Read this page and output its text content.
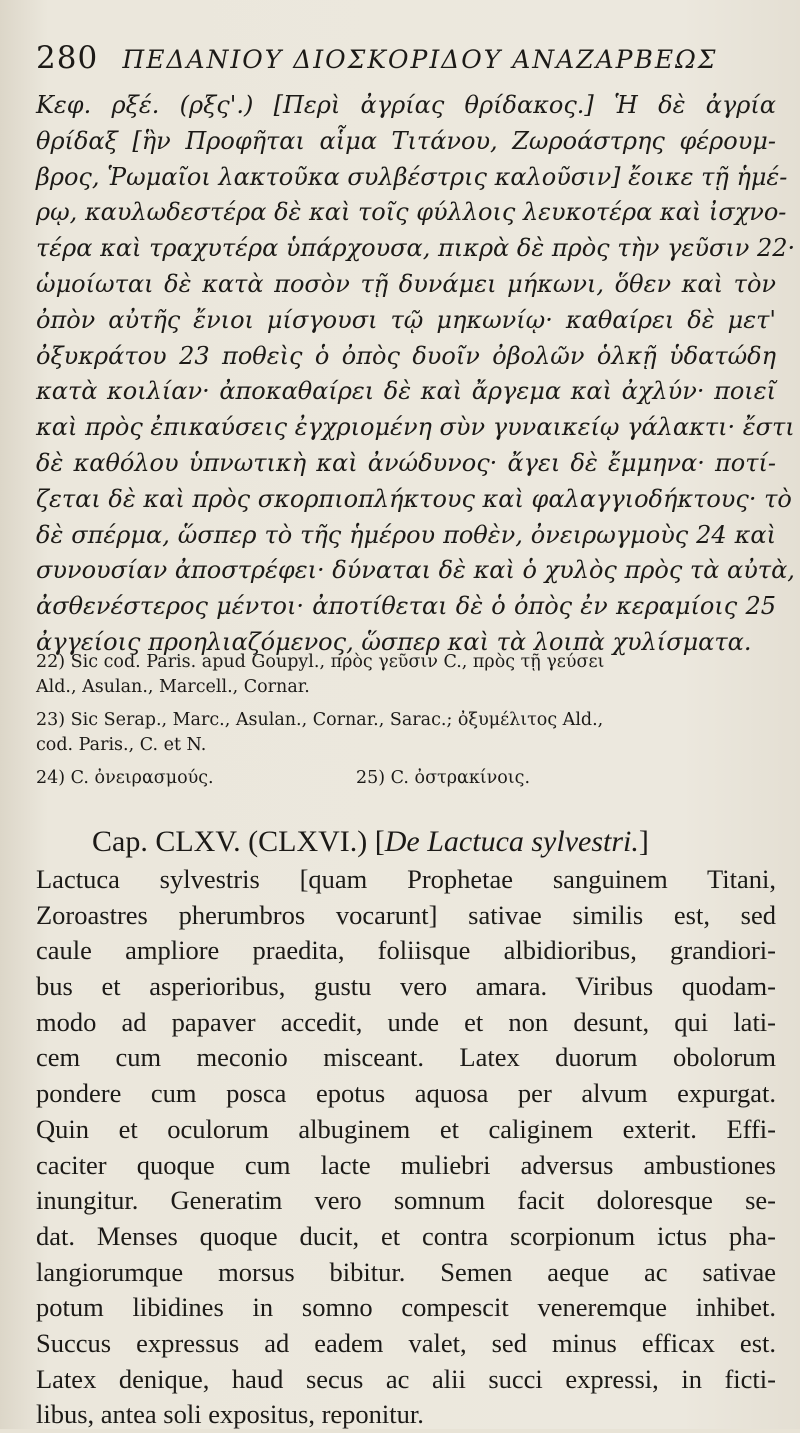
280 ΠΕΔΑΝΙΟΥ ΔΙΟΣΚΟΡΙΔΟΥ ΑΝΑΖΑΡΒΕΩΣ
Κεφ. ρξέ. (ρξς'.) [Περὶ ἀγρίας θρίδακος.] Ἡ δὲ ἀγρία
θρίδαξ [ἣν Προφῆται αἷμα Τιτάνου, Ζωροάστρης φέρουμ-
βρος, Ῥωμαῖοι λακτοῦκα συλβέστρις καλοῦσιν] ἔοικε τῇ ἡμέ-
ρῳ, καυλωδεστέρα δὲ καὶ τοῖς φύλλοις λευκοτέρα καὶ ἰσχνο-
τέρα καὶ τραχυτέρα ὑπάρχουσα, πικρὰ δὲ πρὸς τὴν γεῦσιν 22·
ὡμοίωται δὲ κατὰ ποσὸν τῇ δυνάμει μήκωνι, ὅθεν καὶ τὸν
ὀπὸν αὐτῆς ἔνιοι μίσγουσι τῷ μηκωνίῳ· καθαίρει δὲ μετ'
ὀξυκράτου 23 ποθεὶς ὁ ὀπὸς δυοῖν ὀβολῶν ὁλκῇ ὑδατώδη
κατὰ κοιλίαν· ἀποκαθαίρει δὲ καὶ ἄργεμα καὶ ἀχλύν· ποιεῖ
καὶ πρὸς ἐπικαύσεις ἐγχριομένη σὺν γυναικείῳ γάλακτι· ἔστι
δὲ καθόλου ὑπνωτικὴ καὶ ἀνώδυνος· ἄγει δὲ ἔμμηνα· ποτί-
ζεται δὲ καὶ πρὸς σκορπιοπλήκτους καὶ φαλαγγιοδήκτους· τὸ
δὲ σπέρμα, ὥσπερ τὸ τῆς ἡμέρου ποθὲν, ὀνειρωγμοὺς 24 καὶ
συνουσίαν ἀποστρέφει· δύναται δὲ καὶ ὁ χυλὸς πρὸς τὰ αὐτὰ,
ἀσθενέστερος μέντοι· ἀποτίθεται δὲ ὁ ὀπὸς ἐν κεραμίοις 25
ἀγγείοις προηλιαζόμενος, ὥσπερ καὶ τὰ λοιπὰ χυλίσματα.
22) Sic cod. Paris. apud Goupyl., πρὸς γεῦσιν C., πρὸς τῇ γεύσει
Ald., Asulan., Marcell., Cornar.
23) Sic Serap., Marc., Asulan., Cornar., Sarac.; ὀξυμέλιτος Ald.,
cod. Paris., C. et N.
24) C. ὀνειρασμούς.	25) C. ὀστρακίνοις.
Cap. CLXV. (CLXVI.) [De Lactuca sylvestri.]
Lactuca sylvestris [quam Prophetae sanguinem Titani,
Zoroastres pherumbros vocarunt] sativae similis est, sed
caule ampliore praedita, foliisque albidioribus, grandiori-
bus et asperioribus, gustu vero amara. Viribus quodam-
modo ad papaver accedit, unde et non desunt, qui lati-
cem cum meconio misceant. Latex duorum obolorum
pondere cum posca epotus aquosa per alvum expurgat.
Quin et oculorum albuginem et caliginem exterit. Effi-
caciter quoque cum lacte muliebri adversus ambustiones
inungitur. Generatim vero somnum facit doloresque se-
dat. Menses quoque ducit, et contra scorpionum ictus pha-
langiorumque morsus bibitur. Semen aeque ac sativae
potum libidines in somno compescit veneremque inhibet.
Succus expressus ad eadem valet, sed minus efficax est.
Latex denique, haud secus ac alii succi expressi, in ficti-
libus, antea soli expositus, reponitur.
